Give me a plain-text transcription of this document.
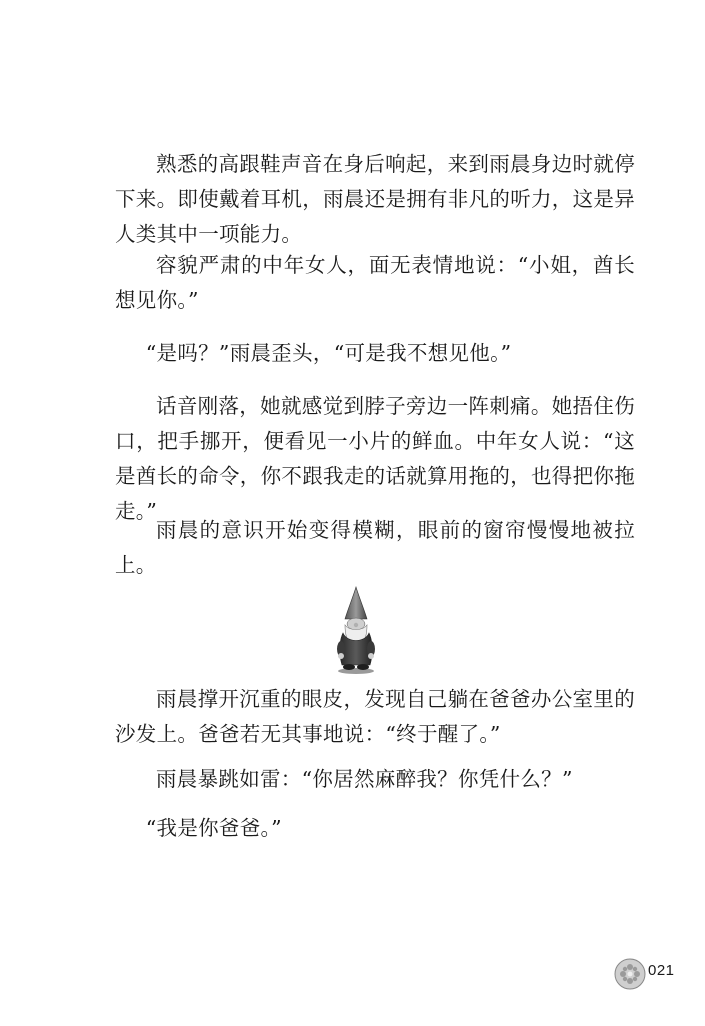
熟悉的高跟鞋声音在身后响起，来到雨晨身边时就停下来。即使戴着耳机，雨晨还是拥有非凡的听力，这是异人类其中一项能力。

容貌严肃的中年女人，面无表情地说：“小姐，酋长想见你。”

“是吗？”雨晨歪头，“可是我不想见他。”

话音刚落，她就感觉到脖子旁边一阵刺痛。她捂住伤口，把手挪开，便看见一小片的鲜血。中年女人说：“这是酋长的命令，你不跟我走的话就算用拖的，也得把你拖走。”

雨晨的意识开始变得模糊，眼前的窗帘慢慢地被拉上。

雨晨撑开沉重的眼皮，发现自己躺在爸爸办公室里的沙发上。爸爸若无其事地说：“终于醒了。”

雨晨暴跳如雷：“你居然麻醉我？你凭什么？”

“我是你爸爸。”

021
